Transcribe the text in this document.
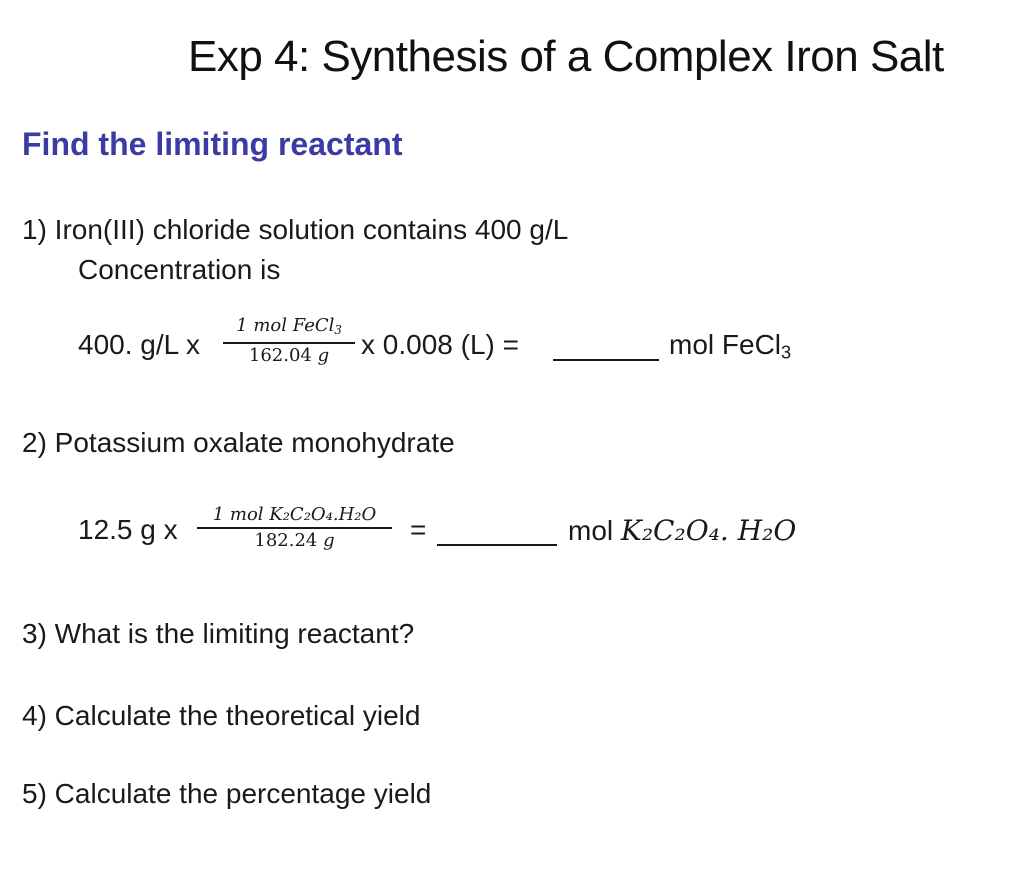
Exp 4: Synthesis of a Complex Iron Salt
Find the limiting reactant
1) Iron(III) chloride solution contains 400 g/L
Concentration is
400. g/L x
1 mol FeCl$_3$
162.04 g x 0.008 (L) =	mol FeCl$_3$
2) Potassium oxalate monohydrate
12.5 g x 1 mol K₂C₂O₄.H₂O
182.24 g	=	mol K₂C₂O₄. H₂O
3) What is the limiting reactant?
4) Calculate the theoretical yield
5) Calculate the percentage yield
